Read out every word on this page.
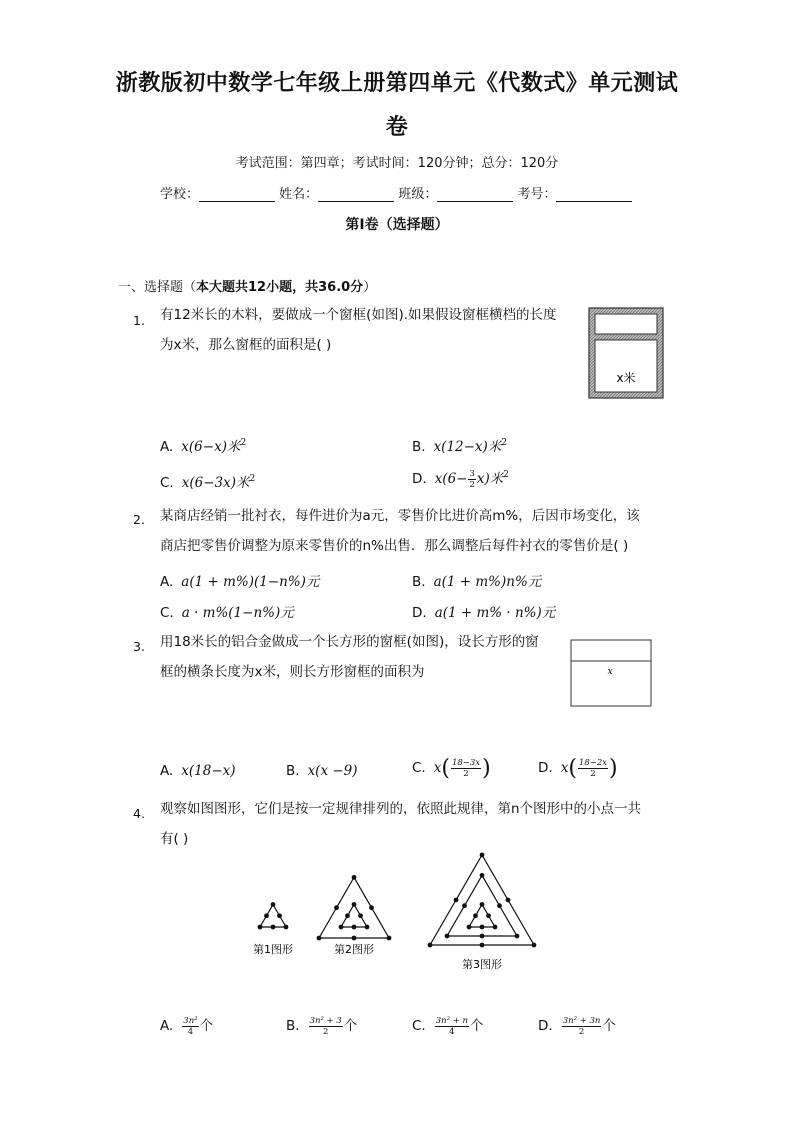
浙教版初中数学七年级上册第四单元《代数式》单元测试
卷
考试范围：第四章；考试时间：120分钟；总分：120分
学校：	姓名：	班级：	考号：
第I卷（选择题）
一、选择题（本大题共12小题，共36.0分）
1. 有12米长的木料，要做成一个窗框(如图).如果假设窗框横档的长度
为x米，那么窗框的面积是( )
x米
A. x(6−x)米$^2$	B. x(12−x)米$^2$
C. x(6−3x)米$^2$	D. $x(6- \frac{3}{2} x)$米$^2$
2. 某商店经销一批衬衣，每件进价为a元，零售价比进价高m%，后因市场变化，该
商店把零售价调整为原来零售价的n%出售．那么调整后每件衬衣的零售价是( )
A. a(1 + m%)(1−n%)元	B. a(1 + m%)n%元
C. a · m%(1−n%)元	D. a(1 + m% · n%)元
3. 用18米长的铝合金做成一个长方形的窗框(如图)，设长方形的窗
框的横条长度为x米，则长方形窗框的面积为	x
A. x(18−x)	B. x(x −9)	C. $x( \frac{18-3x}{2}$ )	D. $x( \frac{18-2x}{2}$ )
4. 观察如图图形，它们是按一定规律排列的，依照此规律，第n个图形中的小点一共
有( )
第1图形	第2图形
第3图形
A. $\frac{\text{3n²}}{4}$ 个	B. $\frac{\text{3n² + 3}}{2}$ 个	C. $\frac{\text{3n² + n}}{4}$ 个	D. $\frac{\text{3n² + 3n}}{2}$ 个
